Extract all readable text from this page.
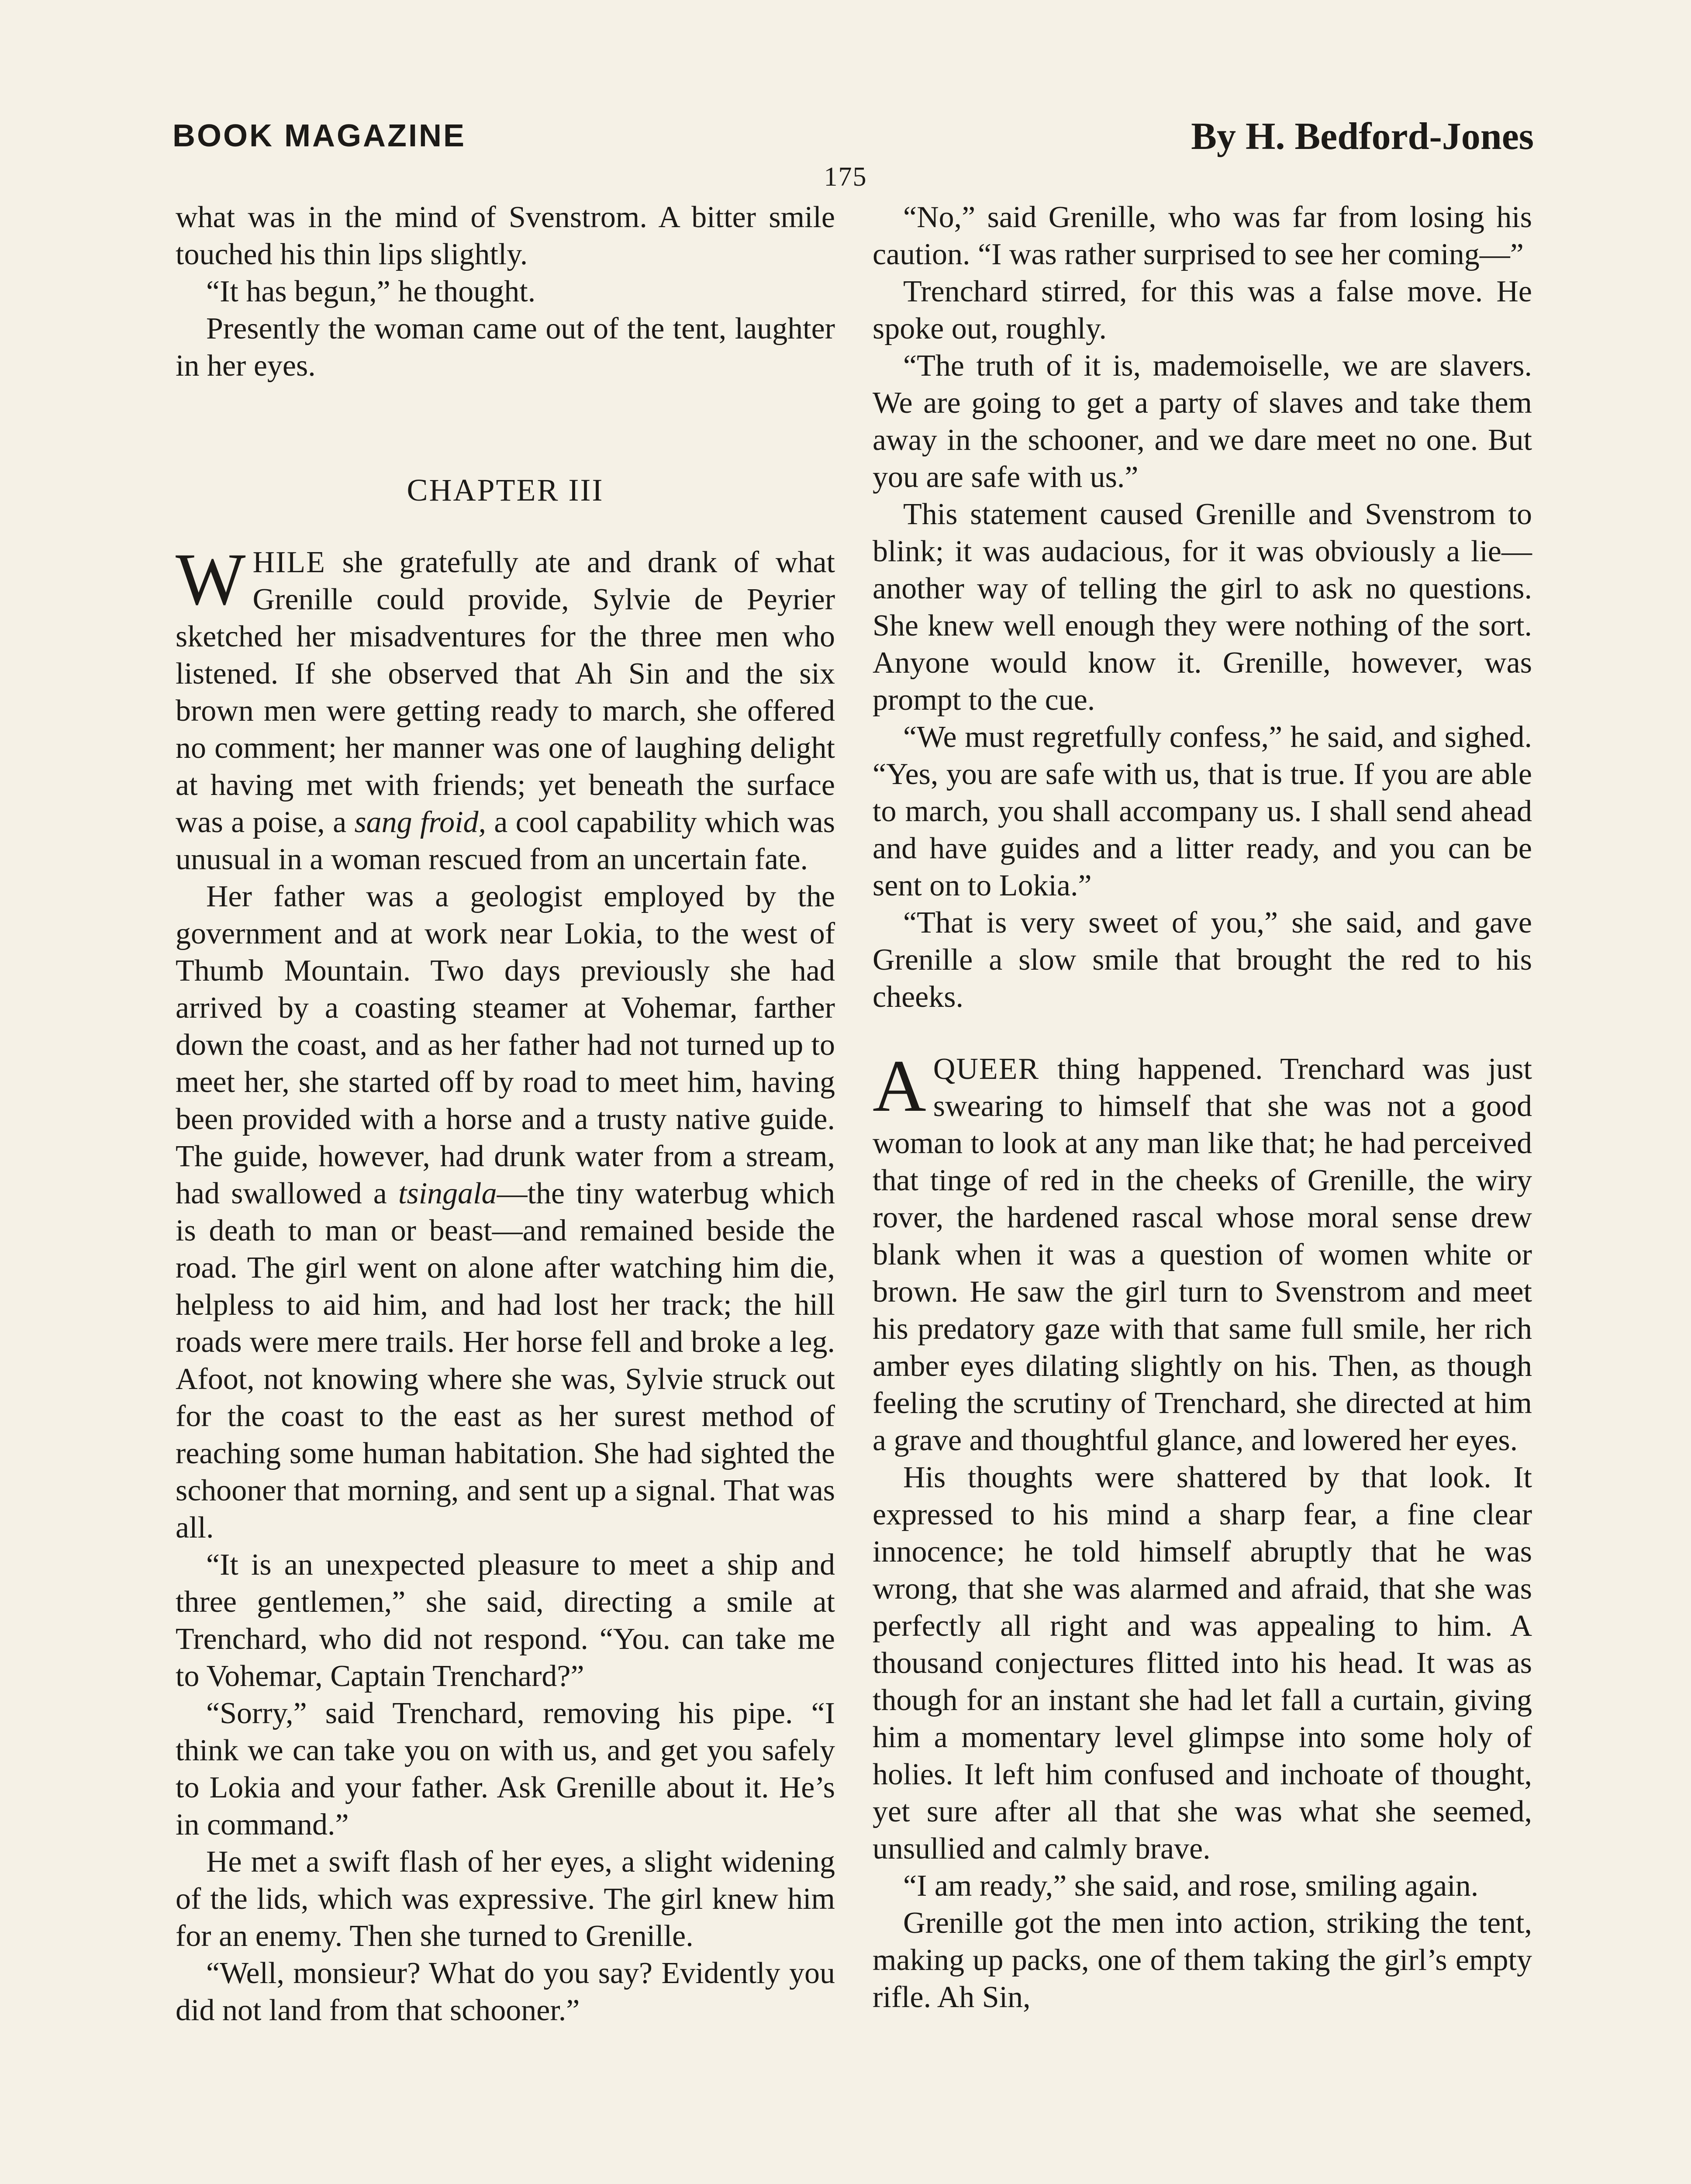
BOOK MAGAZINE	By H. Bedford-Jones
175

what was in the mind of Svenstrom. A bitter smile touched his thin lips slightly.

“It has begun,” he thought.

Presently the woman came out of the tent, laughter in her eyes.

CHAPTER III

WHILE she gratefully ate and drank of what Grenille could provide, Sylvie de Peyrier sketched her misadventures for the three men who listened. If she observed that Ah Sin and the six brown men were getting ready to march, she offered no comment; her manner was one of laughing delight at having met with friends; yet beneath the surface was a poise, a sang froid, a cool capability which was unusual in a woman rescued from an uncertain fate.

Her father was a geologist employed by the government and at work near Lokia, to the west of Thumb Mountain. Two days previously she had arrived by a coasting steamer at Vohemar, farther down the coast, and as her father had not turned up to meet her, she started off by road to meet him, having been provided with a horse and a trusty native guide. The guide, however, had drunk water from a stream, had swallowed a tsingala—the tiny waterbug which is death to man or beast—and remained beside the road. The girl went on alone after watching him die, helpless to aid him, and had lost her track; the hill roads were mere trails. Her horse fell and broke a leg. Afoot, not knowing where she was, Sylvie struck out for the coast to the east as her surest method of reaching some human habitation. She had sighted the schooner that morning, and sent up a signal. That was all.

“It is an unexpected pleasure to meet a ship and three gentlemen,” she said, directing a smile at Trenchard, who did not respond. “You. can take me to Vohemar, Captain Trenchard?”

“Sorry,” said Trenchard, removing his pipe. “I think we can take you on with us, and get you safely to Lokia and your father. Ask Grenille about it. He’s in command.”

He met a swift flash of her eyes, a slight widening of the lids, which was expressive. The girl knew him for an enemy. Then she turned to Grenille.

“Well, monsieur? What do you say? Evidently you did not land from that schooner.”

“No,” said Grenille, who was far from losing his caution. “I was rather surprised to see her coming—”

Trenchard stirred, for this was a false move. He spoke out, roughly.

“The truth of it is, mademoiselle, we are slavers. We are going to get a party of slaves and take them away in the schooner, and we dare meet no one. But you are safe with us.”

This statement caused Grenille and Svenstrom to blink; it was audacious, for it was obviously a lie—another way of telling the girl to ask no questions. She knew well enough they were nothing of the sort. Anyone would know it. Grenille, however, was prompt to the cue.

“We must regretfully confess,” he said, and sighed. “Yes, you are safe with us, that is true. If you are able to march, you shall accompany us. I shall send ahead and have guides and a litter ready, and you can be sent on to Lokia.”

“That is very sweet of you,” she said, and gave Grenille a slow smile that brought the red to his cheeks.

AQUEER thing happened. Trenchard was just swearing to himself that she was not a good woman to look at any man like that; he had perceived that tinge of red in the cheeks of Grenille, the wiry rover, the hardened rascal whose moral sense drew blank when it was a question of women white or brown. He saw the girl turn to Svenstrom and meet his predatory gaze with that same full smile, her rich amber eyes dilating slightly on his. Then, as though feeling the scrutiny of Trenchard, she directed at him a grave and thoughtful glance, and lowered her eyes.

His thoughts were shattered by that look. It expressed to his mind a sharp fear, a fine clear innocence; he told himself abruptly that he was wrong, that she was alarmed and afraid, that she was perfectly all right and was appealing to him. A thousand conjectures flitted into his head. It was as though for an instant she had let fall a curtain, giving him a momentary level glimpse into some holy of holies. It left him confused and inchoate of thought, yet sure after all that she was what she seemed, unsullied and calmly brave.

“I am ready,” she said, and rose, smiling again.

Grenille got the men into action, striking the tent, making up packs, one of them taking the girl’s empty rifle. Ah Sin,
